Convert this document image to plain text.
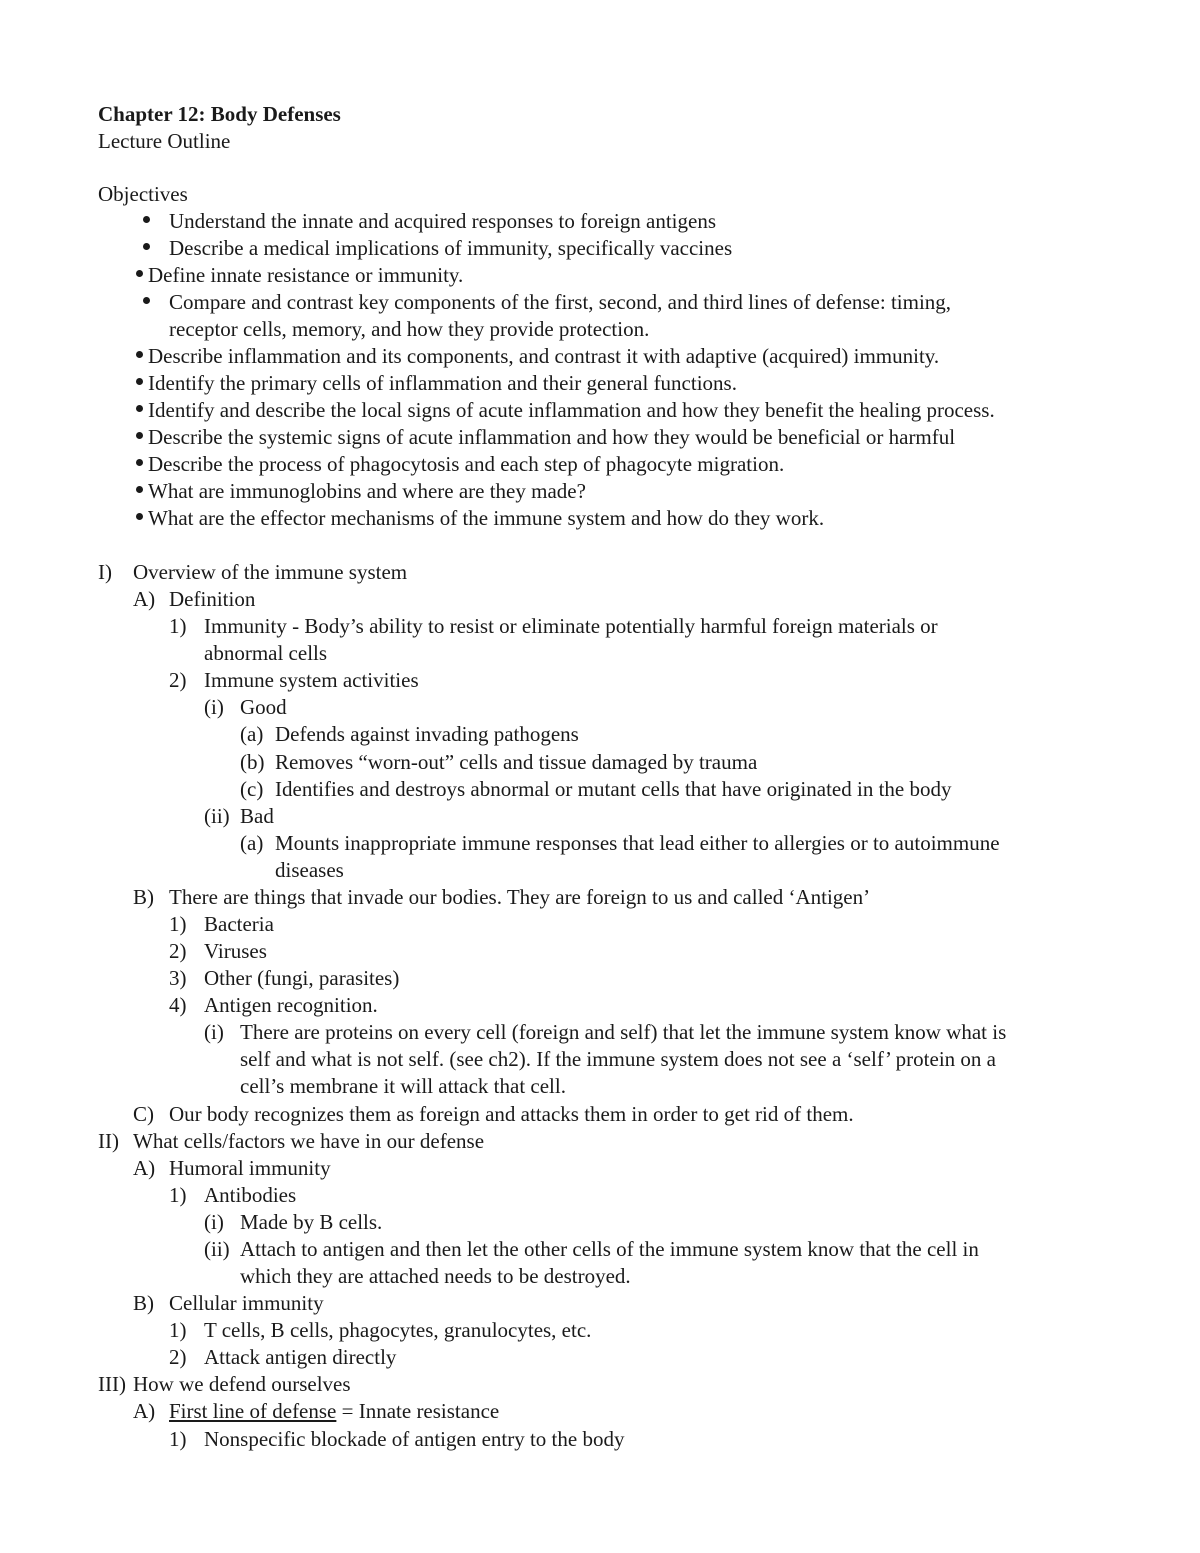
Chapter 12: Body Defenses
Lecture Outline
Objectives
Understand the innate and acquired responses to foreign antigens
Describe a medical implications of immunity, specifically vaccines
Define innate resistance or immunity.
Compare and contrast key components of the first, second, and third lines of defense: timing,
receptor cells, memory, and how they provide protection.
Describe inflammation and its components, and contrast it with adaptive (acquired) immunity.
Identify the primary cells of inflammation and their general functions.
Identify and describe the local signs of acute inflammation and how they benefit the healing process.
Describe the systemic signs of acute inflammation and how they would be beneficial or harmful
Describe the process of phagocytosis and each step of phagocyte migration.
What are immunoglobins and where are they made?
What are the effector mechanisms of the immune system and how do they work.
I) Overview of the immune system
A) Definition
1) Immunity - Body’s ability to resist or eliminate potentially harmful foreign materials or
abnormal cells
2) Immune system activities
(i) Good
(a) Defends against invading pathogens
(b) Removes “worn-out” cells and tissue damaged by trauma
(c) Identifies and destroys abnormal or mutant cells that have originated in the body
(ii) Bad
(a) Mounts inappropriate immune responses that lead either to allergies or to autoimmune
diseases
B) There are things that invade our bodies. They are foreign to us and called ‘Antigen’
1) Bacteria
2) Viruses
3) Other (fungi, parasites)
4) Antigen recognition.
(i) There are proteins on every cell (foreign and self) that let the immune system know what is
self and what is not self. (see ch2). If the immune system does not see a ‘self’ protein on a
cell’s membrane it will attack that cell.
C) Our body recognizes them as foreign and attacks them in order to get rid of them.
II) What cells/factors we have in our defense
A) Humoral immunity
1) Antibodies
(i) Made by B cells.
(ii) Attach to antigen and then let the other cells of the immune system know that the cell in
which they are attached needs to be destroyed.
B) Cellular immunity
1) T cells, B cells, phagocytes, granulocytes, etc.
2) Attack antigen directly
III) How we defend ourselves
A) First line of defense = Innate resistance
1) Nonspecific blockade of antigen entry to the body
